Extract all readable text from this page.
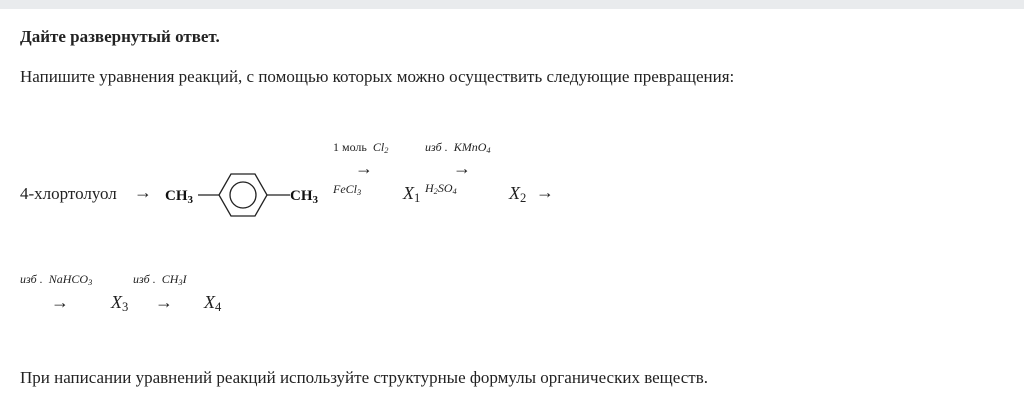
Дайте развернутый ответ.
Напишите уравнения реакций, с помощью которых можно осуществить следующие превращения:
4-хлортолуол → $CH_3$	$CH_3$
1 моль $Cl_2$
→
FeCl$_3$ $X_1$
изб . KMnO$_4$
→
$H_2SO_4$	$X_2$ →
изб . NaHCO$_3$
→ $X_3$
изб . $CH_3I$
→ $X_4$
При написании уравнений реакций используйте структурные формулы органических веществ.
